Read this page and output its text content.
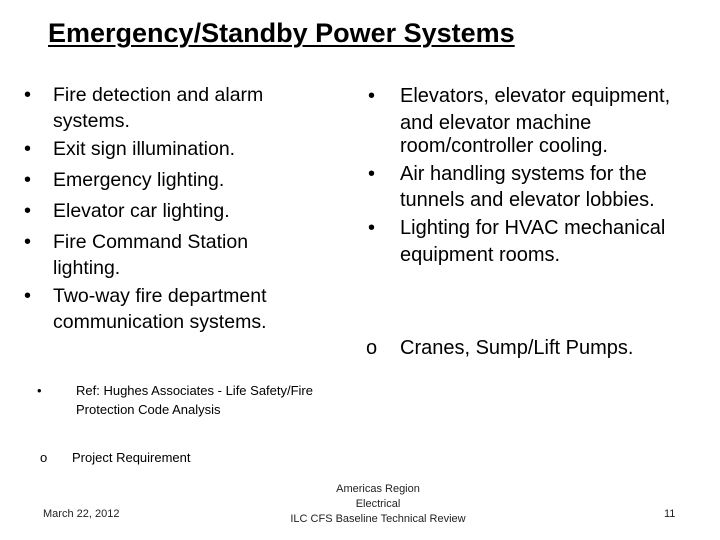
Emergency/Standby Power Systems
• Fire detection and alarm
systems.
• Exit sign illumination.
• Emergency lighting.
• Elevator car lighting.
• Fire Command Station
lighting.
• Two-way fire department
communication systems.
• Elevators, elevator equipment,
and elevator machine
room/controller cooling.
• Air handling systems for the
tunnels and elevator lobbies.
• Lighting for HVAC mechanical
equipment rooms.
o Cranes, Sump/Lift Pumps.
•	Ref: Hughes Associates - Life Safety/Fire
Protection Code Analysis
o Project Requirement
March 22, 2012
Americas Region
Electrical
ILC CFS Baseline Technical Review	11
